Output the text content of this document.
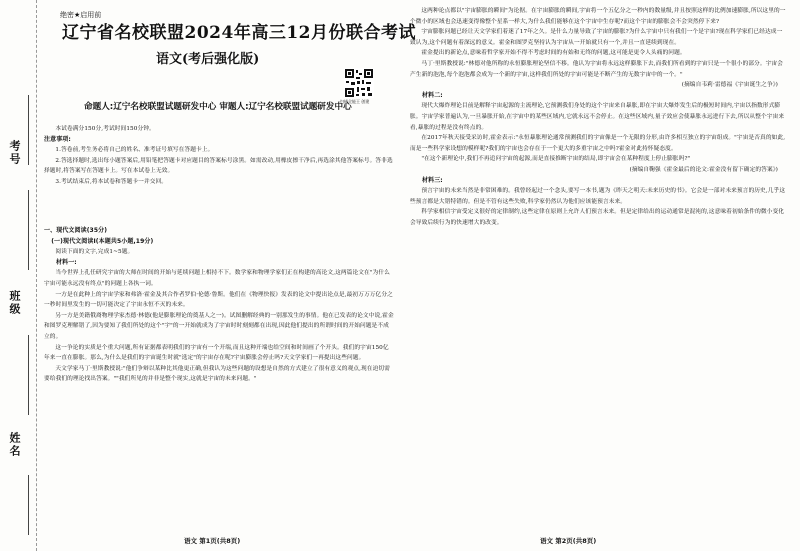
考号
班级
姓名
绝密★启用前
辽宁省名校联盟2024年高三12月份联合考试
语文(考后强化版)
扫描全能王 创建
命题人:辽宁名校联盟试题研发中心 审题人:辽宁名校联盟试题研发中心

本试卷满分150分,考试时间150分钟。

注意事项:

1.答卷前,考生务必将自己的姓名、准考证号填写在答题卡上。

2.答选择题时,选出每小题答案后,用铅笔把答题卡对应题目的答案标号涂黑。如需改动,用橡皮擦干净后,再选涂其他答案标号。答非选择题时,将答案写在答题卡上。写在本试卷上无效。

3.考试结束后,将本试卷和答题卡一并交回。

一、现代文阅读(35分)
(一)现代文阅读Ⅰ(本题共5小题,19分)

阅读下面的文字,完成1~5题。

材料一:

当今世界上孔任研究宇宙的大师在时间的开始与延续问题上相持不下。数学家和物理学家们正在构建的高论文,这两篇论文在"为什么宇宙可能永远没有终点"的问题上各执一词。

一方是在此种上的宇宙学家和弗洛·霍金及其合作者罗伯·伦德·鲁斯。他们在《物理快报》发表的论文中提出论点是,最初万万万亿分之一秒时间里发生的一切可能决定了宇宙永恒不灭的未来。

另一方是美籍俄裔物理学家杰德·林德(他是膨胀理论的奠基人之一)。试图删解经典的一别那发生的事情。他在已发表的论文中说,霍金和图罗克理解错了,因为要知了我们所处的这个"宇"的一开始就成为了宇宙时时刻刻都在出现,因此他们提出的所谓时间的开始问题是不成立的。

这一争论的实质是个重大问题,所有证据都表明我们的宇宙有一个开端,而且这种开端也给空间和时间画了个开头。我们的宇宙150亿年来一直在膨胀。那么,为什么是我们的宇宙诞生时就"选定"的宇宙存在呢?宇宙膨胀会停止吗?天文学家们一再提出这些问题。

天文学家马丁·里斯教授说:"他们争辩以某种比其他更正确,但我认为这些问题的设想是自然的方式建立了很有意义的观点,现在迫切需要给我们的理论找出答案。""我们所见的并非是整个现实,这就是宇宙的未来问题。"

语文 第1页(共8页)

这两种论点都以"宇宙膨胀的瞬间"为论据。在宇宙膨胀的瞬间,宇宙将一个五亿分之一秒内的数量级,并且按照这样的比例加速膨胀,所以这里的一个微小的区域也会迅速变得像整个星系一样大,为什么我们能够在这个宇宙中生存呢?而这个宇宙的膨胀会不会突然停下来?

宇宙膨胀问题已经让天文学家们着迷了17年之久。是什么力量导致了宇宙的膨胀?为什么宇宙中只有我们一个是宇宙?现在科学家们已经达成一致认为,这个问题有着深远的意义。霍金和图罗克坚持认为宇宙从一开始就只有一个,并且一直延续到现在。

霍金提出的新论点,意味着哲学家开始不得不考虑时间的有始和无终的问题,这可能是更令人头痛的问题。

马丁·里斯教授说:"林德对他所称的永恒膨胀理论坚信不移。他认为宇宙将永远这样膨胀下去,而我们所看到的宇宙只是一个很小的部分。宇宙会产生新的泡泡,每个泡泡都会成为一个新的宇宙,这样我们所处的宇宙可能是不断产生的无数宇宙中的一个。"

(摘编自韦莉·雷德福《宇宙诞生之争》)

材料二:

现代大爆炸理论目前是解释宇宙起源的主流理论,它预测我们身处的这个宇宙来自暴胀,即在宇宙大爆炸发生后的极短时间内,宇宙以指数形式膨胀。宇宙学家普遍认为,一旦暴胀开始,在宇宙中的某些区域内,它就永远不会停止。在这些区域内,量子效应会使暴胀永远进行下去,所以从整个宇宙来看,暴胀的过程是没有终点的。

在2017年秋天接受采访时,霍金表示:"永恒暴胀理论通常预测我们的宇宙像是一个无限的分形,由许多相互独立的宇宙组成。"宇宙是否真的如此,而是一些科学家设想的模样呢?我们的宇宙也会存在于一个更大的多重宇宙之中吗?霍金对此持怀疑态度。

"在这个新理论中,我们不再追问宇宙的起源,而是直接推断宇宙的结局,即宇宙会在某种程度上停止膨胀吗?"

(摘编自鞠强《霍金最后的论文:霍金没有留下确定的答案》)

材料三:

预言宇宙的未来当然是非常困难的。我曾经起过一个念头,要写一本书,题为《昨天之明天:未来历史的书》。它会是一部对未来预言的历史,几乎这些预言都是大错特错的。但是不管有这些失败,科学家仍然认为他们应该能预言未来。

科学家相信宇宙受定义很好的定律制约,这些定律在原则上允许人们预言未来。但是定律给出的运动通常是混沌的,这意味着初始条件的微小变化会导致后续行为的快速增大的改变。

语文 第2页(共8页)
